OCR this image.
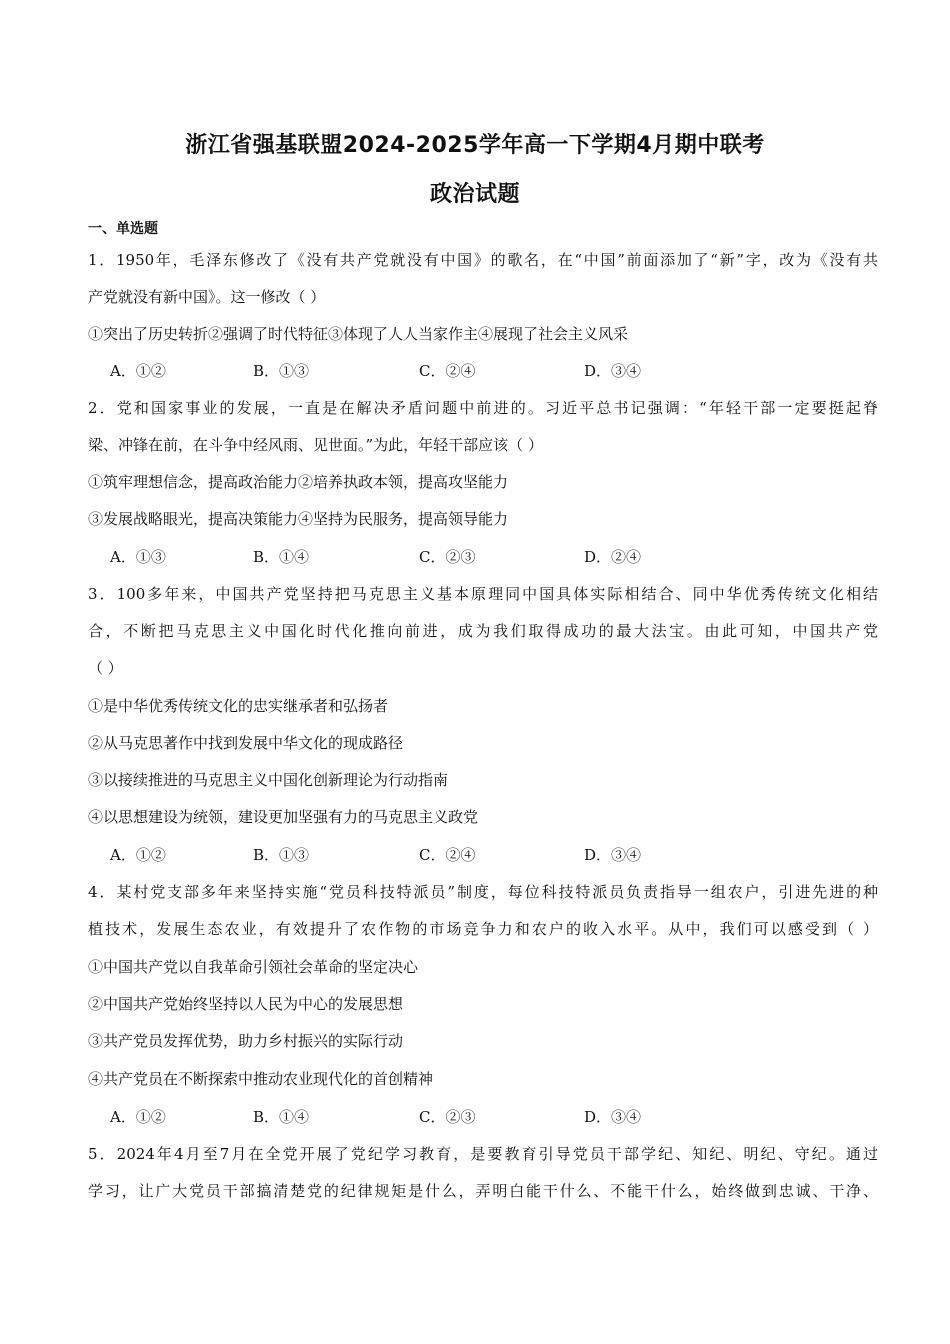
浙江省强基联盟2024-2025学年高一下学期4月期中联考
政治试题
一、单选题
1．1950年，毛泽东修改了《没有共产党就没有中国》的歌名，在“中国”前面添加了“新”字，改为《没有共
产党就没有新中国》。这一修改（ ）
①突出了历史转折②强调了时代特征③体现了人人当家作主④展现了社会主义风采
A．①②	B．①③	C．②④	D．③④
2．党和国家事业的发展，一直是在解决矛盾问题中前进的。习近平总书记强调：“年轻干部一定要挺起脊
梁、冲锋在前，在斗争中经风雨、见世面。”为此，年轻干部应该（ ）
①筑牢理想信念，提高政治能力②培养执政本领，提高攻坚能力
③发展战略眼光，提高决策能力④坚持为民服务，提高领导能力
A．①③	B．①④	C．②③	D．②④
3．100多年来，中国共产党坚持把马克思主义基本原理同中国具体实际相结合、同中华优秀传统文化相结
合，不断把马克思主义中国化时代化推向前进，成为我们取得成功的最大法宝。由此可知，中国共产党
（ ）
①是中华优秀传统文化的忠实继承者和弘扬者
②从马克思著作中找到发展中华文化的现成路径
③以接续推进的马克思主义中国化创新理论为行动指南
④以思想建设为统领，建设更加坚强有力的马克思主义政党
A．①②	B．①③	C．②④	D．③④
4．某村党支部多年来坚持实施“党员科技特派员”制度，每位科技特派员负责指导一组农户，引进先进的种
植技术，发展生态农业，有效提升了农作物的市场竞争力和农户的收入水平。从中，我们可以感受到（ ）
①中国共产党以自我革命引领社会革命的坚定决心
②中国共产党始终坚持以人民为中心的发展思想
③共产党员发挥优势，助力乡村振兴的实际行动
④共产党员在不断探索中推动农业现代化的首创精神
A．①②	B．①④	C．②③	D．③④
5．2024年4月至7月在全党开展了党纪学习教育，是要教育引导党员干部学纪、知纪、明纪、守纪。通过
学习，让广大党员干部搞清楚党的纪律规矩是什么，弄明白能干什么、不能干什么，始终做到忠诚、干净、
